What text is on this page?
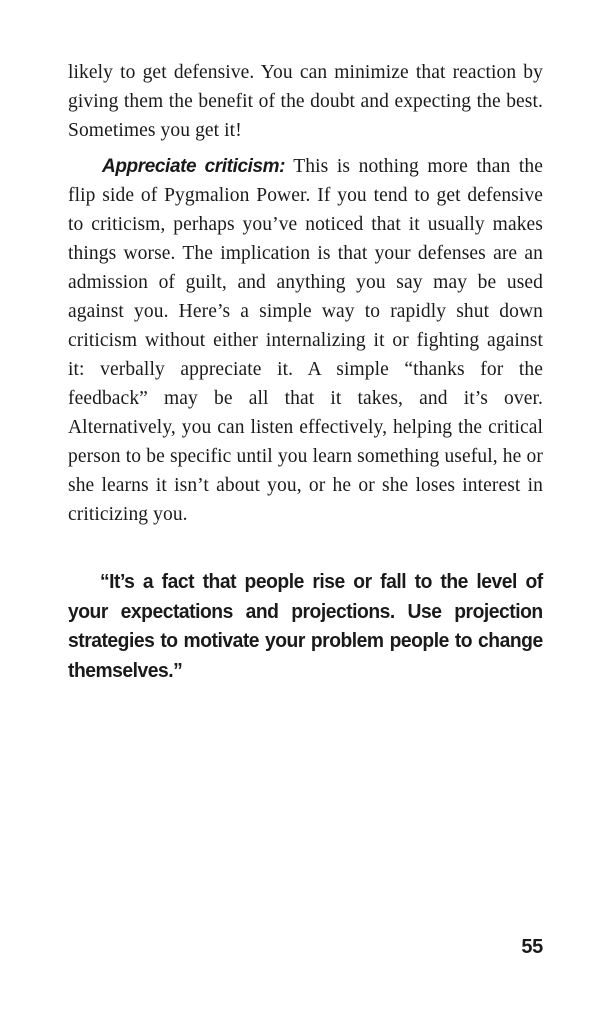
likely to get defensive. You can minimize that reaction by giving them the benefit of the doubt and expecting the best. Sometimes you get it!

Appreciate criticism: This is nothing more than the flip side of Pygmalion Power. If you tend to get defensive to criticism, perhaps you’ve noticed that it usually makes things worse. The implication is that your defenses are an admission of guilt, and anything you say may be used against you. Here’s a simple way to rapidly shut down criticism without either internalizing it or fighting against it: verbally appreciate it. A simple “thanks for the feedback” may be all that it takes, and it’s over. Alternatively, you can listen effectively, helping the critical person to be specific until you learn something useful, he or she learns it isn’t about you, or he or she loses interest in criticizing you.

“It’s a fact that people rise or fall to the level of your expectations and projections. Use projection strategies to motivate your problem people to change themselves.”

55
